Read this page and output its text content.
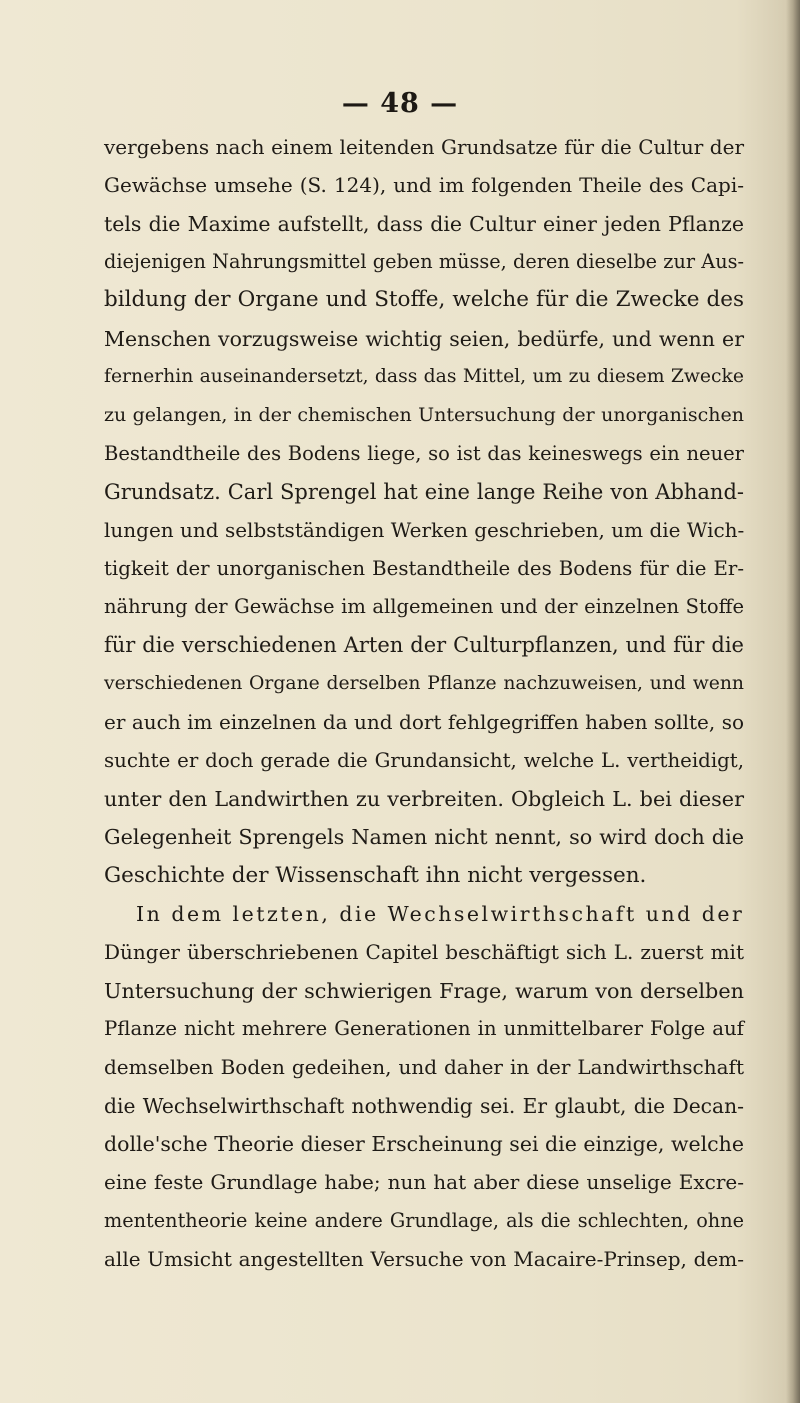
— 48 —
vergebens nach einem leitenden Grundsatze für die Cultur der
Gewächse umsehe (S. 124), und im folgenden Theile des Capi-
tels die Maxime aufstellt, dass die Cultur einer jeden Pflanze
diejenigen Nahrungsmittel geben müsse, deren dieselbe zur Aus-
bildung der Organe und Stoffe, welche für die Zwecke des
Menschen vorzugsweise wichtig seien, bedürfe, und wenn er
fernerhin auseinandersetzt, dass das Mittel, um zu diesem Zwecke
zu gelangen, in der chemischen Untersuchung der unorganischen
Bestandtheile des Bodens liege, so ist das keineswegs ein neuer
Grundsatz. Carl Sprengel hat eine lange Reihe von Abhand-
lungen und selbstständigen Werken geschrieben, um die Wich-
tigkeit der unorganischen Bestandtheile des Bodens für die Er-
nährung der Gewächse im allgemeinen und der einzelnen Stoffe
für die verschiedenen Arten der Culturpflanzen, und für die
verschiedenen Organe derselben Pflanze nachzuweisen, und wenn
er auch im einzelnen da und dort fehlgegriffen haben sollte, so
suchte er doch gerade die Grundansicht, welche L. vertheidigt,
unter den Landwirthen zu verbreiten. Obgleich L. bei dieser
Gelegenheit Sprengels Namen nicht nennt, so wird doch die
Geschichte der Wissenschaft ihn nicht vergessen.
In dem letzten, die Wechselwirthschaft und der
Dünger überschriebenen Capitel beschäftigt sich L. zuerst mit
Untersuchung der schwierigen Frage, warum von derselben
Pflanze nicht mehrere Generationen in unmittelbarer Folge auf
demselben Boden gedeihen, und daher in der Landwirthschaft
die Wechselwirthschaft nothwendig sei. Er glaubt, die Decan-
dolle'sche Theorie dieser Erscheinung sei die einzige, welche
eine feste Grundlage habe; nun hat aber diese unselige Excre-
mententheorie keine andere Grundlage, als die schlechten, ohne
alle Umsicht angestellten Versuche von Macaire-Prinsep, dem-
